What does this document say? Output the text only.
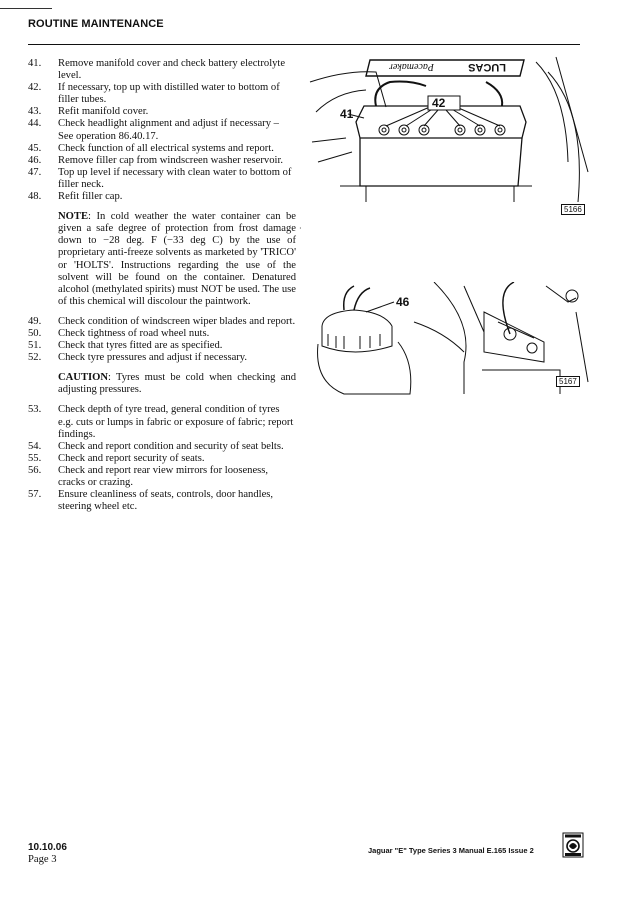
ROUTINE MAINTENANCE
41.	Remove manifold cover and check battery electrolyte level.
42.	If necessary, top up with distilled water to bottom of filler tubes.
43.	Refit manifold cover.
44.	Check headlight alignment and adjust if necessary – See operation 86.40.17.
45.	Check function of all electrical systems and report.
46.	Remove filler cap from windscreen washer reservoir.
47.	Top up level if necessary with clean water to bottom of filler neck.
48.	Refit filler cap.
NOTE: In cold weather the water container can be given a safe degree of protection from frost damage down to −28 deg. F (−33 deg C) by the use of proprietary anti-freeze solvents as marketed by 'TRICO' or 'HOLTS'. Instructions regarding the use of the solvent will be found on the container. Denatured alcohol (methylated spirits) must NOT be used. The use of this chemical will discolour the paintwork.
49.	Check condition of windscreen wiper blades and report.
50.	Check tightness of road wheel nuts.
51.	Check that tyres fitted are as specified.
52.	Check tyre pressures and adjust if necessary.
CAUTION: Tyres must be cold when checking and adjusting pressures.
53.	Check depth of tyre tread, general condition of tyres e.g. cuts or lumps in fabric or exposure of fabric; report findings.
54.	Check and report condition and security of seat belts.
55.	Check and report security of seats.
56.	Check and report rear view mirrors for looseness, cracks or crazing.
57.	Ensure cleanliness of seats, controls, door handles, steering wheel etc.
·
42
41
LUCAS
Pacemaker
5166
46
5167
10.10.06
Page 3
Jaguar "E" Type Series 3 Manual E.165 Issue 2
